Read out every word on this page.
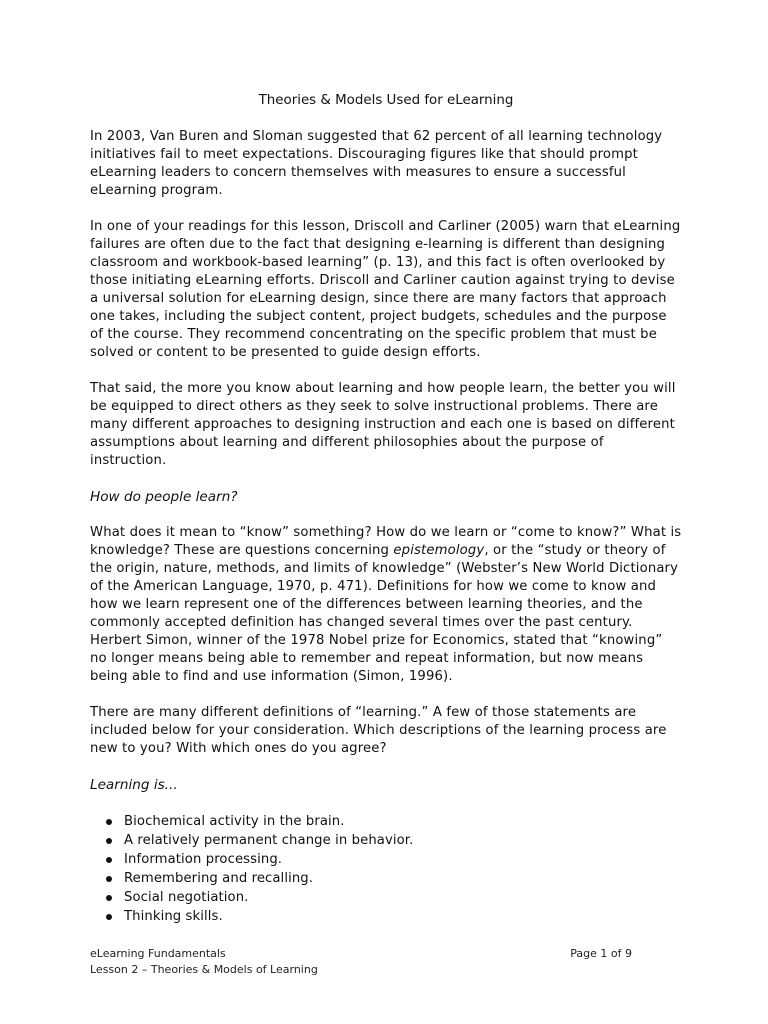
Theories & Models Used for eLearning

In 2003, Van Buren and Sloman suggested that 62 percent of all learning technology initiatives fail to meet expectations. Discouraging figures like that should prompt eLearning leaders to concern themselves with measures to ensure a successful eLearning program.

In one of your readings for this lesson, Driscoll and Carliner (2005) warn that eLearning failures are often due to the fact that designing e-learning is different than designing classroom and workbook-based learning” (p. 13), and this fact is often overlooked by those initiating eLearning efforts. Driscoll and Carliner caution against trying to devise a universal solution for eLearning design, since there are many factors that approach one takes, including the subject content, project budgets, schedules and the purpose of the course. They recommend concentrating on the specific problem that must be solved or content to be presented to guide design efforts.

That said, the more you know about learning and how people learn, the better you will be equipped to direct others as they seek to solve instructional problems. There are many different approaches to designing instruction and each one is based on different assumptions about learning and different philosophies about the purpose of instruction.

How do people learn?

What does it mean to “know” something? How do we learn or “come to know?” What is knowledge? These are questions concerning epistemology, or the “study or theory of the origin, nature, methods, and limits of knowledge” (Webster’s New World Dictionary of the American Language, 1970, p. 471). Definitions for how we come to know and how we learn represent one of the differences between learning theories, and the commonly accepted definition has changed several times over the past century. Herbert Simon, winner of the 1978 Nobel prize for Economics, stated that “knowing” no longer means being able to remember and repeat information, but now means being able to find and use information (Simon, 1996).

There are many different definitions of “learning.” A few of those statements are included below for your consideration. Which descriptions of the learning process are new to you? With which ones do you agree?

Learning is...

Biochemical activity in the brain.
A relatively permanent change in behavior.
Information processing.
Remembering and recalling.
Social negotiation.
Thinking skills.
eLearning Fundamentals	Page 1 of 9
Lesson 2 – Theories & Models of Learning
